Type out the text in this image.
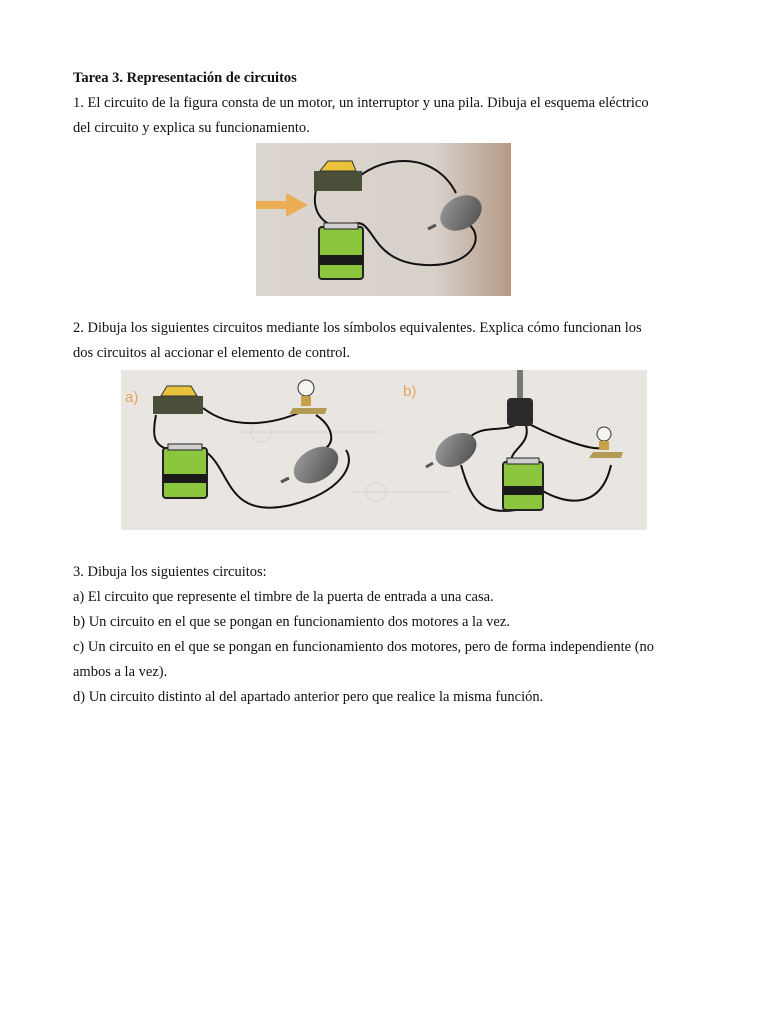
Tarea 3. Representación de circuitos

1. El circuito de la figura consta de un motor, un interruptor y una pila. Dibuja el esquema eléctrico

del circuito y explica su funcionamiento.

2. Dibuja los siguientes circuitos mediante los símbolos equivalentes. Explica cómo funcionan los

dos circuitos al accionar el elemento de control.

a)	b)

3. Dibuja los siguientes circuitos:

a) El circuito que represente el timbre de la puerta de entrada a una casa.

b) Un circuito en el que se pongan en funcionamiento dos motores a la vez.

c) Un circuito en el que se pongan en funcionamiento dos motores, pero de forma independiente (no

ambos a la vez).

d) Un circuito distinto al del apartado anterior pero que realice la misma función.
